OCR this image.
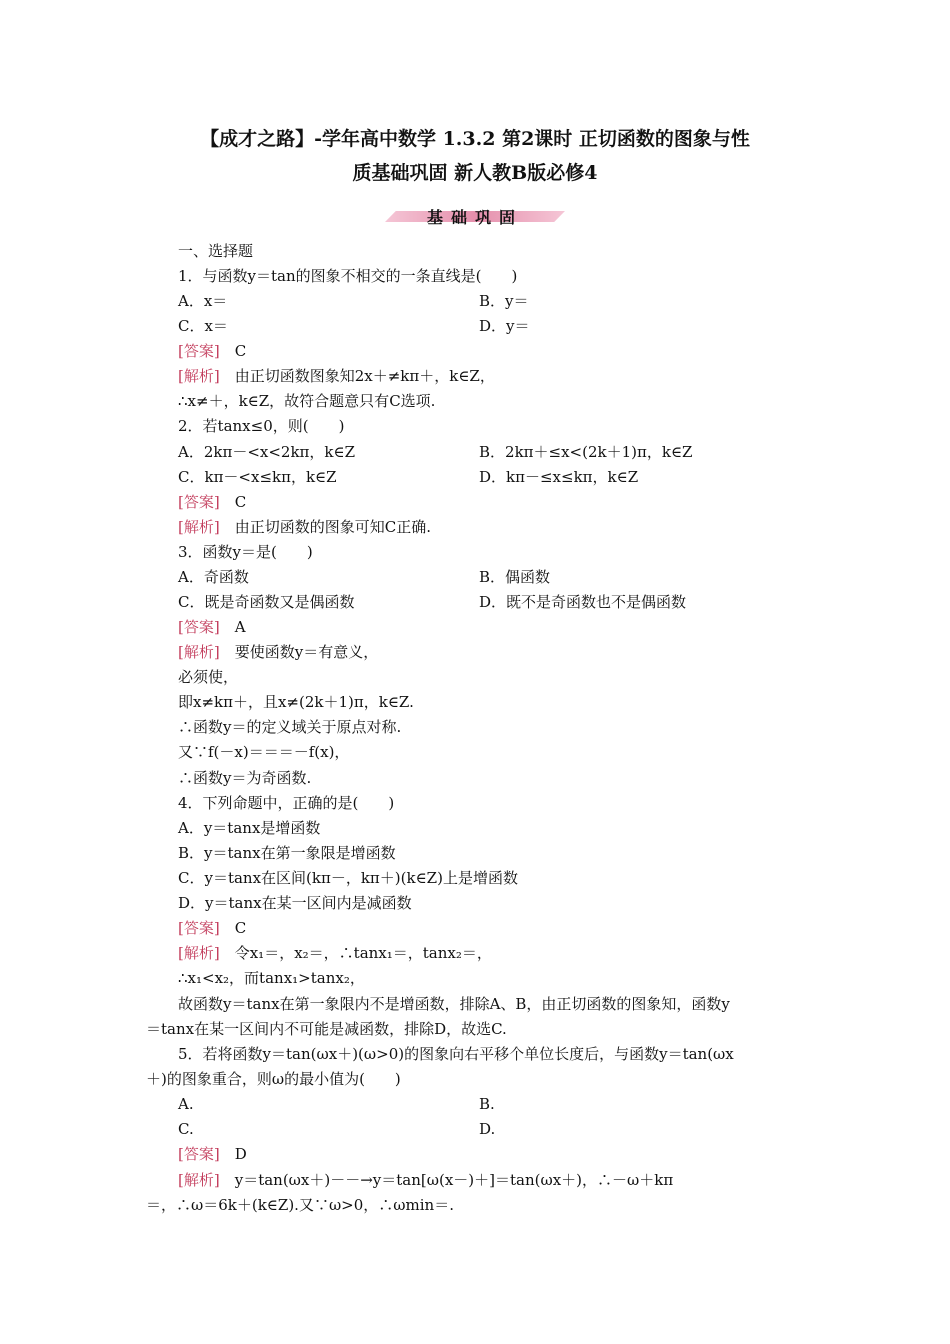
【成才之路】-学年高中数学 1.3.2 第2课时 正切函数的图象与性
质基础巩固 新人教B版必修4
基础巩固
一、选择题
1．与函数y＝tan的图象不相交的一条直线是(　　)
A．x＝	B．y＝
C．x＝	D．y＝
[答案]　C
[解析]　由正切函数图象知2x＋≠kπ＋，k∈Z，
∴x≠＋，k∈Z，故符合题意只有C选项.
2．若tanx≤0，则(　　)
A．2kπ－<x<2kπ，k∈Z	B．2kπ＋≤x<(2k＋1)π，k∈Z
C．kπ－<x≤kπ，k∈Z	D．kπ－≤x≤kπ，k∈Z
[答案]　C
[解析]　由正切函数的图象可知C正确.
3．函数y＝是(　　)
A．奇函数	B．偶函数
C．既是奇函数又是偶函数	D．既不是奇函数也不是偶函数
[答案]　A
[解析]　要使函数y＝有意义，
必须使，
即x≠kπ＋，且x≠(2k＋1)π，k∈Z.
∴函数y＝的定义域关于原点对称.
又∵f(－x)＝＝＝－f(x)，
∴函数y＝为奇函数.
4．下列命题中，正确的是(　　)
A．y＝tanx是增函数
B．y＝tanx在第一象限是增函数
C．y＝tanx在区间(kπ－，kπ＋)(k∈Z)上是增函数
D．y＝tanx在某一区间内是减函数
[答案]　C
[解析]　令x₁＝，x₂＝，∴tanx₁＝，tanx₂＝，
∴x₁<x₂，而tanx₁>tanx₂，
故函数y＝tanx在第一象限内不是增函数，排除A、B，由正切函数的图象知，函数y
＝tanx在某一区间内不可能是减函数，排除D，故选C.
5．若将函数y＝tan(ωx＋)(ω>0)的图象向右平移个单位长度后，与函数y＝tan(ωx
＋)的图象重合，则ω的最小值为(　　)
A.	B.
C.	D.
[答案]　D
[解析]　y＝tan(ωx＋)－－→y＝tan[ω(x－)＋]＝tan(ωx＋)，∴－ω＋kπ
＝，∴ω＝6k＋(k∈Z).又∵ω>0，∴ωmin＝.
